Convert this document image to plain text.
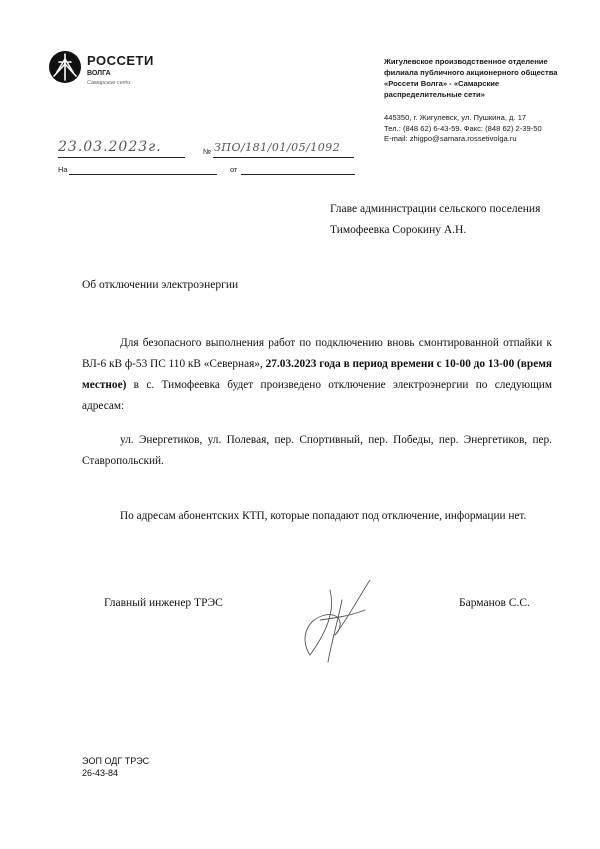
РОССЕТИ
ВОЛГА
Самарские сети
Жигулевское производственное отделение
филиала публичного акционерного общества
«Россети Волга» - «Самарские
распределительные сети»
445350, г. Жигулевск, ул. Пушкина, д. 17
Тел.: (848 62) 6-43-59. Факс: (848 62) 2-39-50
E-mail: zhigpo@samara.rossetivolga.ru
23.03.2023г.	№ ЗПО/181/01/05/1092
На	от
Главе администрации сельского поселения
Тимофеевка Сорокину А.Н.
Об отключении электроэнергии
Для безопасного выполнения работ по подключению вновь смонтированной отпайки к ВЛ-6 кВ ф-53 ПС 110 кВ «Северная», 27.03.2023 года в период времени с 10-00 до 13-00 (время местное) в с. Тимофеевка будет произведено отключение электроэнергии по следующим адресам:
ул. Энергетиков, ул. Полевая, пер. Спортивный, пер. Победы, пер. Энергетиков, пер. Ставропольский.
По адресам абонентских КТП, которые попадают под отключение, информации нет.
Главный инженер ТРЭС	Барманов С.С.
ЭОП ОДГ ТРЭС
26-43-84
